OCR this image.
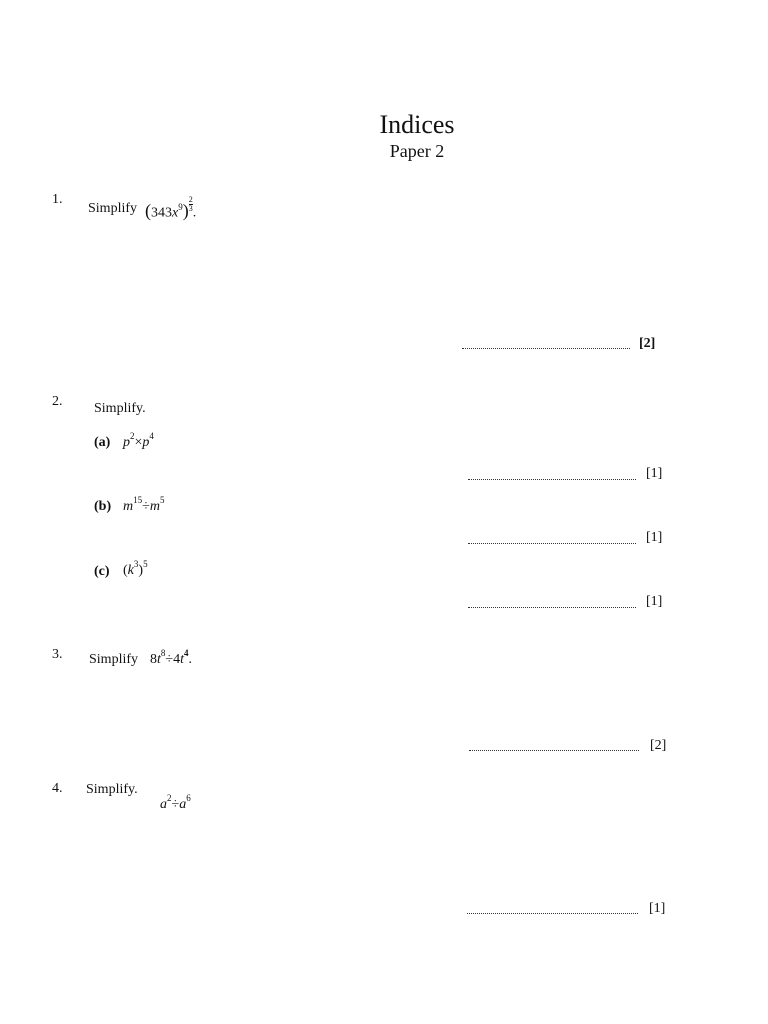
Indices
Paper 2
1.
Simplify $(343x^9) \frac{2}{3}$
.
[2]
2. Simplify.
(a) $p^2\times p^4$
[1]
(b) $m^{15}\div m^5$
[1]
(c) $(k^3)^5$
[1]
3. Simplify $8t^8\div 4t^4$.
[2]
4. Simplify.
$a^2\div a^6$
[1]
